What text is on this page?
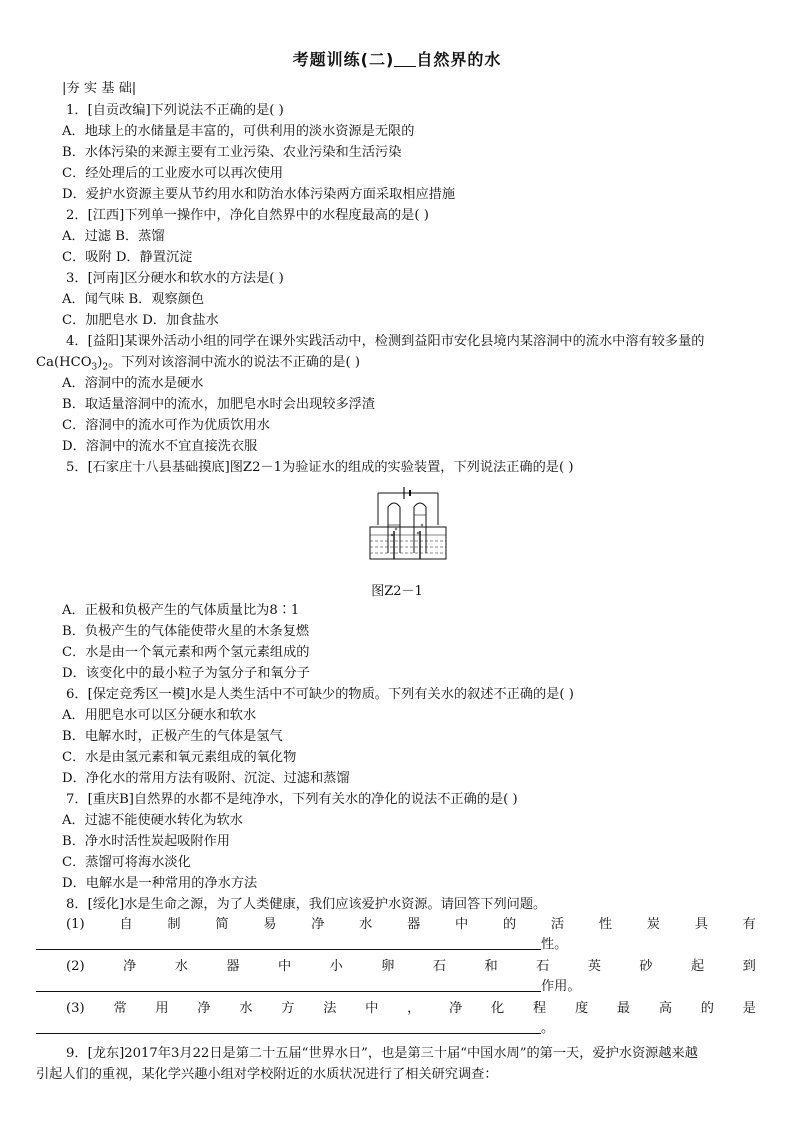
考题训练(二) 自然界的水
|夯 实 基 础|
1．[自贡改编]下列说法不正确的是( )
A．地球上的水储量是丰富的，可供利用的淡水资源是无限的
B．水体污染的来源主要有工业污染、农业污染和生活污染
C．经处理后的工业废水可以再次使用
D．爱护水资源主要从节约用水和防治水体污染两方面采取相应措施
2．[江西]下列单一操作中，净化自然界中的水程度最高的是( )
A．过滤 B．蒸馏
C．吸附 D．静置沉淀
3．[河南]区分硬水和软水的方法是( )
A．闻气味 B．观察颜色
C．加肥皂水 D．加食盐水
4．[益阳]某课外活动小组的同学在课外实践活动中，检测到益阳市安化县境内某溶洞中的流水中溶有较多量的
$Ca(HCO_3)_2$。下列对该溶洞中流水的说法不正确的是( )
A．溶洞中的流水是硬水
B．取适量溶洞中的流水，加肥皂水时会出现较多浮渣
C．溶洞中的流水可作为优质饮用水
D．溶洞中的流水不宜直接洗衣服
5．[石家庄十八县基础摸底]图Z2－1为验证水的组成的实验装置，下列说法正确的是( )
图Z2－1
A．正极和负极产生的气体质量比为8∶1
B．负极产生的气体能使带火星的木条复燃
C．水是由一个氧元素和两个氢元素组成的
D．该变化中的最小粒子为氢分子和氧分子
6．[保定竞秀区一模]水是人类生活中不可缺少的物质。下列有关水的叙述不正确的是( )
A．用肥皂水可以区分硬水和软水
B．电解水时，正极产生的气体是氢气
C．水是由氢元素和氧元素组成的氧化物
D．净化水的常用方法有吸附、沉淀、过滤和蒸馏
7．[重庆B]自然界的水都不是纯净水，下列有关水的净化的说法不正确的是( )
A．过滤不能使硬水转化为软水
B．净水时活性炭起吸附作用
C．蒸馏可将海水淡化
D．电解水是一种常用的净水方法
8．[绥化]水是生命之源，为了人类健康，我们应该爱护水资源。请回答下列问题。
(1)	自	制	简	易	净	水	器	中	的	活	性	炭	具	有
性。
(2)	净	水	器	中	小	卵	石	和	石	英	砂	起	到
作用。
(3) 常 用 净 水 方 法 中 ， 净 化 程 度 最 高 的 是
。
9．[龙东]2017年3月22日是第二十五届“世界水日”，也是第三十届“中国水周”的第一天，爱护水资源越来越
引起人们的重视，某化学兴趣小组对学校附近的水质状况进行了相关研究调查：
